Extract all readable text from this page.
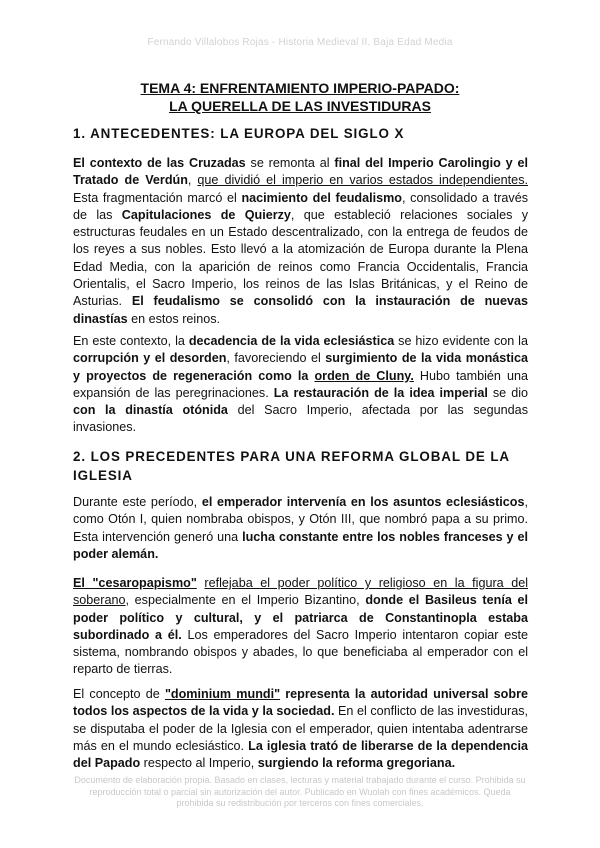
Fernando Villalobos Rojas - Historia Medieval II. Baja Edad Media
TEMA 4: ENFRENTAMIENTO IMPERIO-PAPADO:
LA QUERELLA DE LAS INVESTIDURAS
1. ANTECEDENTES: LA EUROPA DEL SIGLO X
El contexto de las Cruzadas se remonta al final del Imperio Carolingio y el Tratado de Verdún, que dividió el imperio en varios estados independientes. Esta fragmentación marcó el nacimiento del feudalismo, consolidado a través de las Capitulaciones de Quierzy, que estableció relaciones sociales y estructuras feudales en un Estado descentralizado, con la entrega de feudos de los reyes a sus nobles. Esto llevó a la atomización de Europa durante la Plena Edad Media, con la aparición de reinos como Francia Occidentalis, Francia Orientalis, el Sacro Imperio, los reinos de las Islas Británicas, y el Reino de Asturias. El feudalismo se consolidó con la instauración de nuevas dinastías en estos reinos.
En este contexto, la decadencia de la vida eclesiástica se hizo evidente con la corrupción y el desorden, favoreciendo el surgimiento de la vida monástica y proyectos de regeneración como la orden de Cluny. Hubo también una expansión de las peregrinaciones. La restauración de la idea imperial se dio con la dinastía otónida del Sacro Imperio, afectada por las segundas invasiones.
2. LOS PRECEDENTES PARA UNA REFORMA GLOBAL DE LA IGLESIA
Durante este período, el emperador intervenía en los asuntos eclesiásticos, como Otón I, quien nombraba obispos, y Otón III, que nombró papa a su primo. Esta intervención generó una lucha constante entre los nobles franceses y el poder alemán.
El "cesaropapismo" reflejaba el poder político y religioso en la figura del soberano, especialmente en el Imperio Bizantino, donde el Basileus tenía el poder político y cultural, y el patriarca de Constantinopla estaba subordinado a él. Los emperadores del Sacro Imperio intentaron copiar este sistema, nombrando obispos y abades, lo que beneficiaba al emperador con el reparto de tierras.
El concepto de "dominium mundi" representa la autoridad universal sobre todos los aspectos de la vida y la sociedad. En el conflicto de las investiduras, se disputaba el poder de la Iglesia con el emperador, quien intentaba adentrarse más en el mundo eclesiástico. La iglesia trató de liberarse de la dependencia del Papado respecto al Imperio, surgiendo la reforma gregoriana.
Documento de elaboración propia. Basado en clases, lecturas y material trabajado durante el curso. Prohibida su reproducción total o parcial sin autorización del autor. Publicado en Wuolah con fines académicos. Queda prohibida su redistribución por terceros con fines comerciales.
